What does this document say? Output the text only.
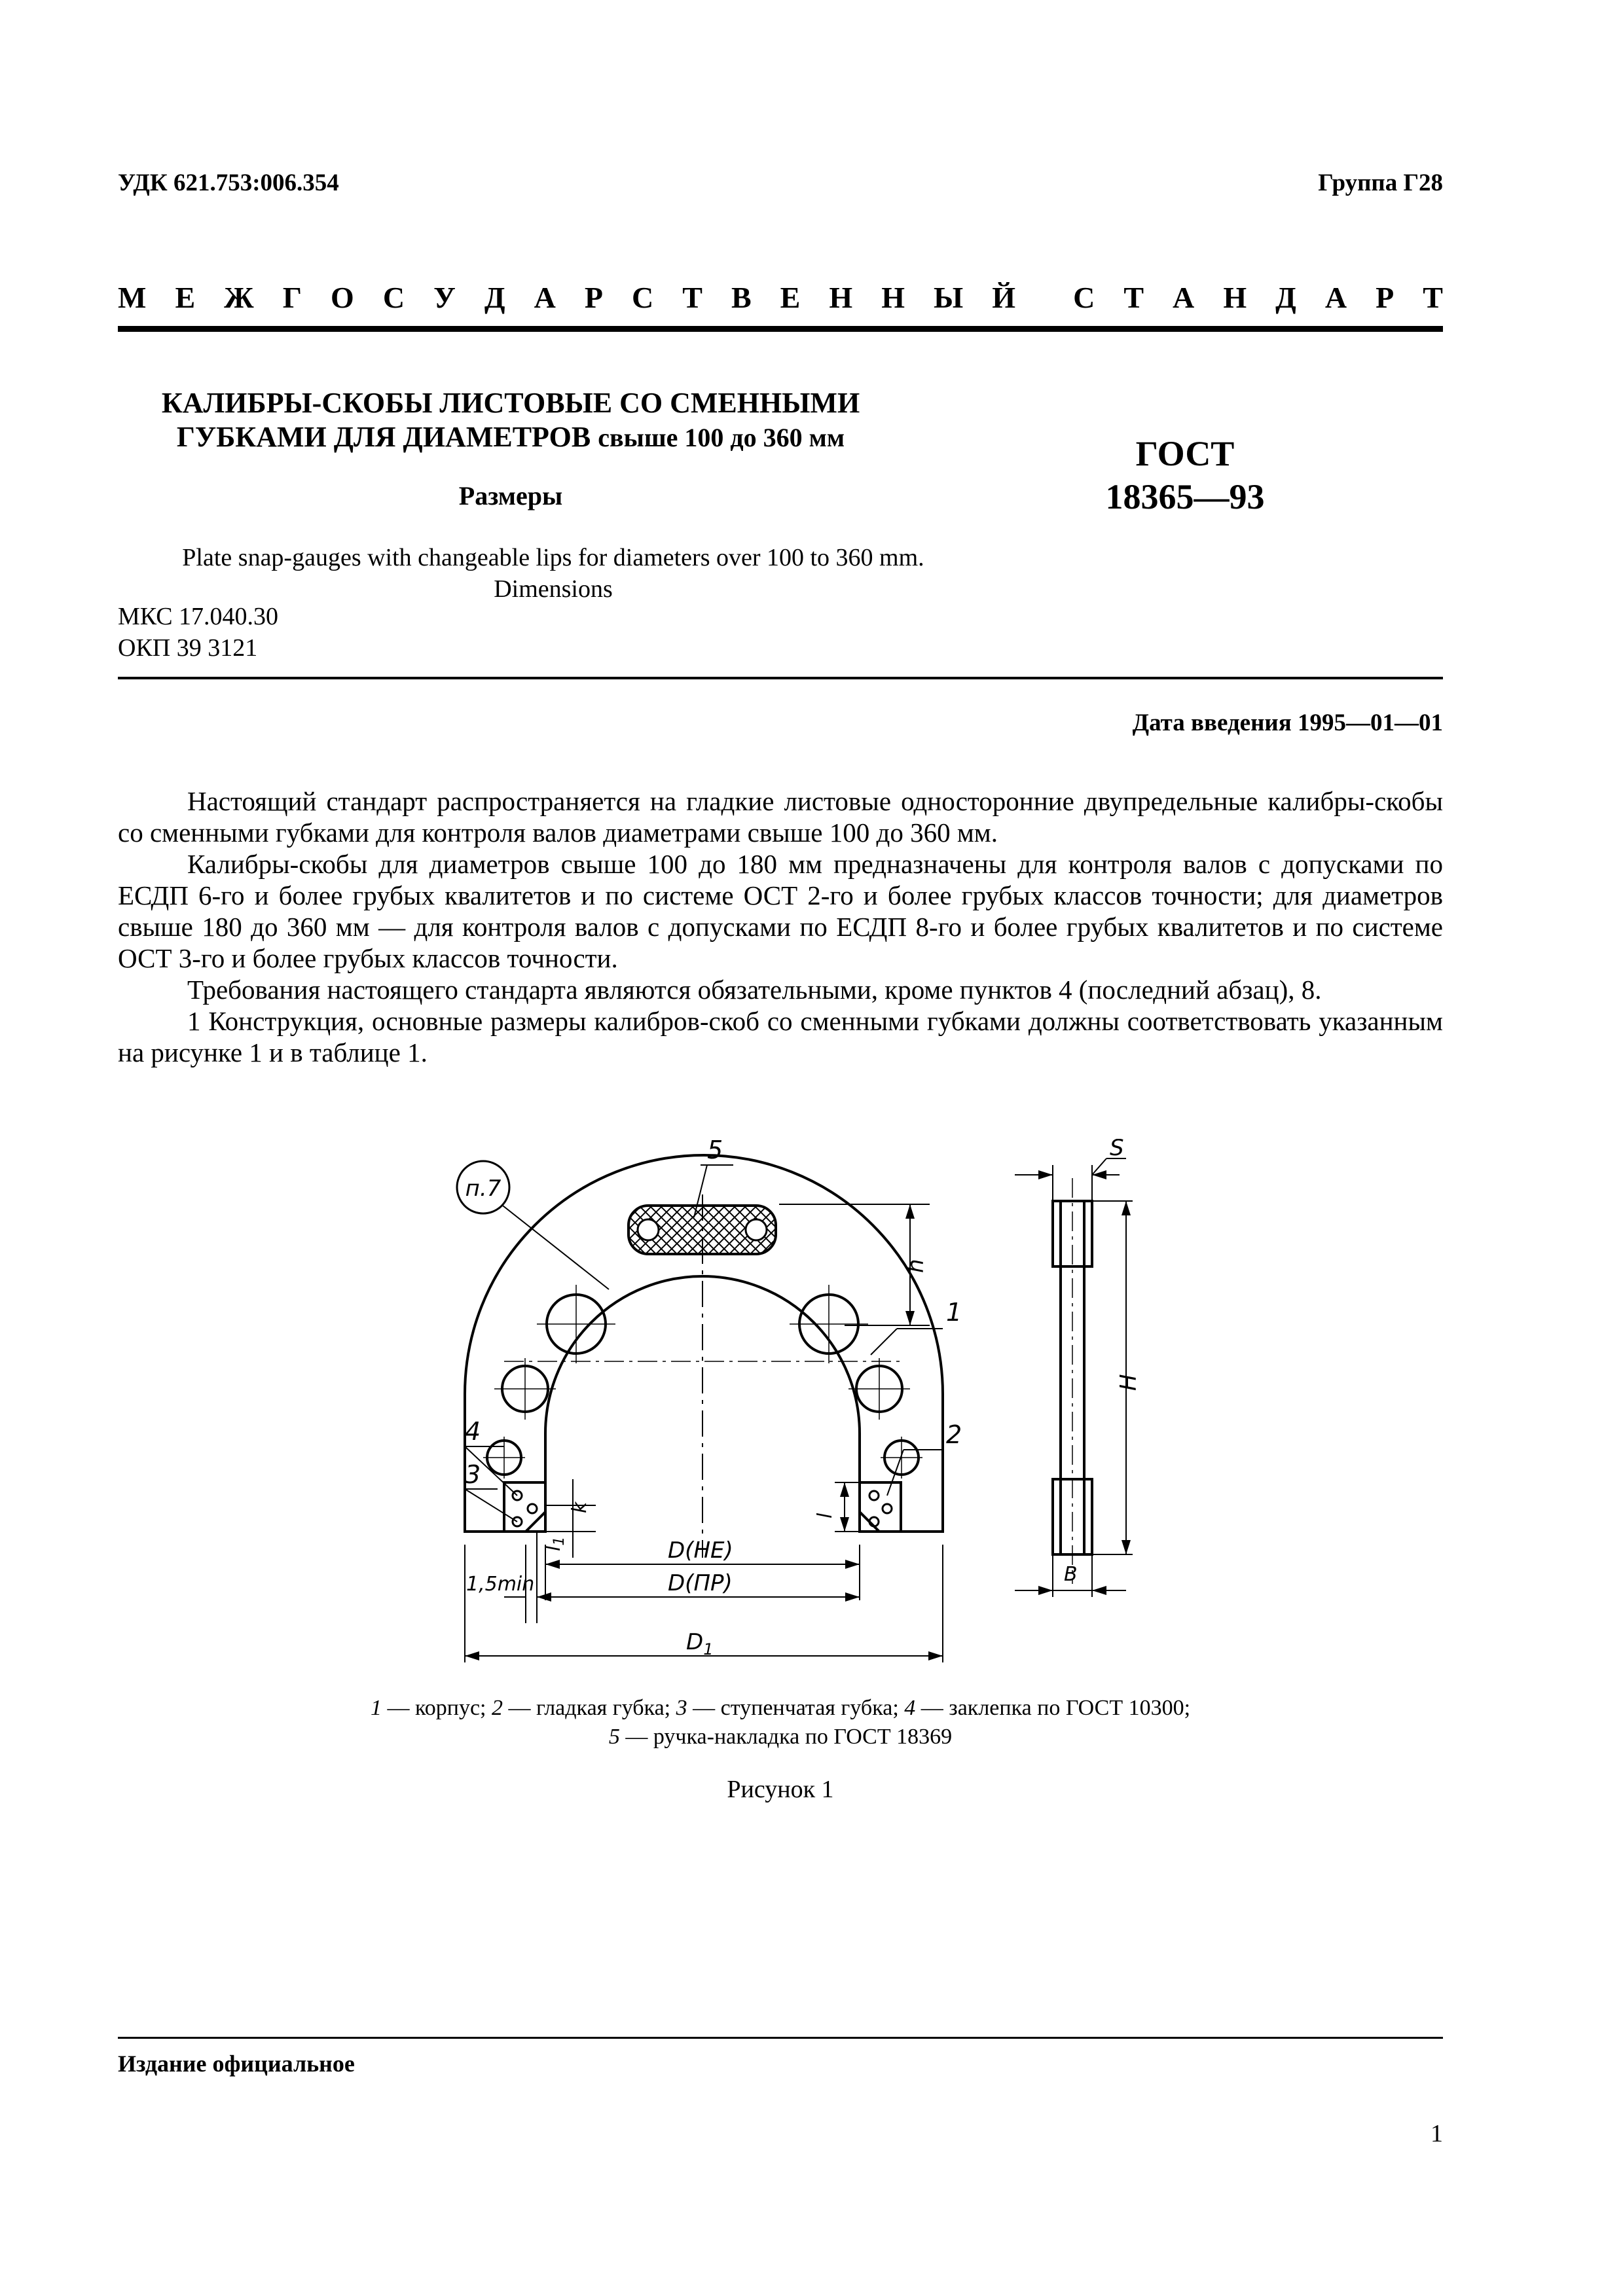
УДК 621.753:006.354	Группа Г28
М Е Ж Г О С У Д А Р С Т В Е Н Н Ы Й С Т А Н Д А Р Т
КАЛИБРЫ-СКОБЫ ЛИСТОВЫЕ СО СМЕННЫМИ
ГУБКАМИ ДЛЯ ДИАМЕТРОВ свыше 100 до 360 мм
Размеры
ГОСТ
18365—93
Plate snap-gauges with changeable lips for diameters over 100 to 360 mm.
Dimensions
МКС 17.040.30
ОКП 39 3121
Дата введения 1995—01—01

Настоящий стандарт распространяется на гладкие листовые односторонние двупредельные калибры-скобы со сменными губками для контроля валов диаметрами свыше 100 до 360 мм.

Калибры-скобы для диаметров свыше 100 до 180 мм предназначены для контроля валов с допусками по ЕСДП 6-го и более грубых квалитетов и по системе ОСТ 2-го и более грубых классов точности; для диаметров свыше 180 до 360 мм — для контроля валов с допусками по ЕСДП 8-го и более грубых квалитетов и по системе ОСТ 3-го и более грубых классов точности.

Требования настоящего стандарта являются обязательными, кроме пунктов 4 (последний абзац), 8.

1 Конструкция, основные размеры калибров-скоб со сменными губками должны соответствовать указанным на рисунке 1 и в таблице 1.

п.7
5
1
2
4
3
h
k
$l_1$
l
D(НЕ)
D(ПР)
$D_1$
1,5min
S
H
B
1 — корпус; 2 — гладкая губка; 3 — ступенчатая губка; 4 — заклепка по ГОСТ 10300;
5 — ручка-накладка по ГОСТ 18369
Рисунок 1
Издание официальное
1
